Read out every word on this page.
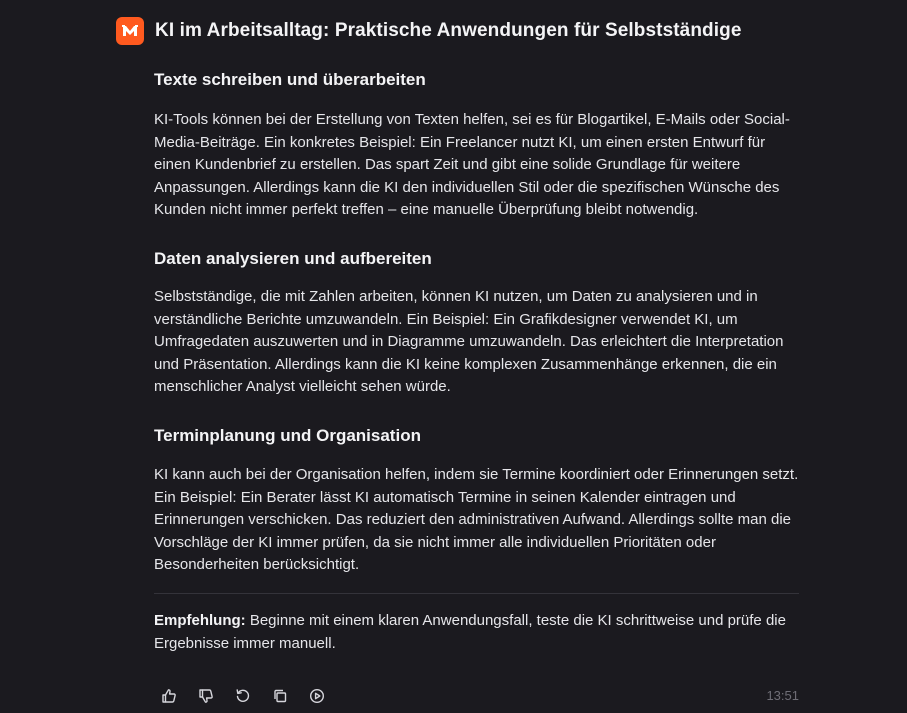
KI im Arbeitsalltag: Praktische Anwendungen für Selbstständige
Texte schreiben und überarbeiten

KI-Tools können bei der Erstellung von Texten helfen, sei es für Blogartikel, E-Mails oder Social-Media-Beiträge. Ein konkretes Beispiel: Ein Freelancer nutzt KI, um einen ersten Entwurf für einen Kundenbrief zu erstellen. Das spart Zeit und gibt eine solide Grundlage für weitere Anpassungen. Allerdings kann die KI den individuellen Stil oder die spezifischen Wünsche des Kunden nicht immer perfekt treffen – eine manuelle Überprüfung bleibt notwendig.

Daten analysieren und aufbereiten

Selbstständige, die mit Zahlen arbeiten, können KI nutzen, um Daten zu analysieren und in verständliche Berichte umzuwandeln. Ein Beispiel: Ein Grafikdesigner verwendet KI, um Umfragedaten auszuwerten und in Diagramme umzuwandeln. Das erleichtert die Interpretation und Präsentation. Allerdings kann die KI keine komplexen Zusammenhänge erkennen, die ein menschlicher Analyst vielleicht sehen würde.

Terminplanung und Organisation

KI kann auch bei der Organisation helfen, indem sie Termine koordiniert oder Erinnerungen setzt. Ein Beispiel: Ein Berater lässt KI automatisch Termine in seinen Kalender eintragen und Erinnerungen verschicken. Das reduziert den administrativen Aufwand. Allerdings sollte man die Vorschläge der KI immer prüfen, da sie nicht immer alle individuellen Prioritäten oder Besonderheiten berücksichtigt.

Empfehlung: Beginne mit einem klaren Anwendungsfall, teste die KI schrittweise und prüfe die Ergebnisse immer manuell.

13:51
